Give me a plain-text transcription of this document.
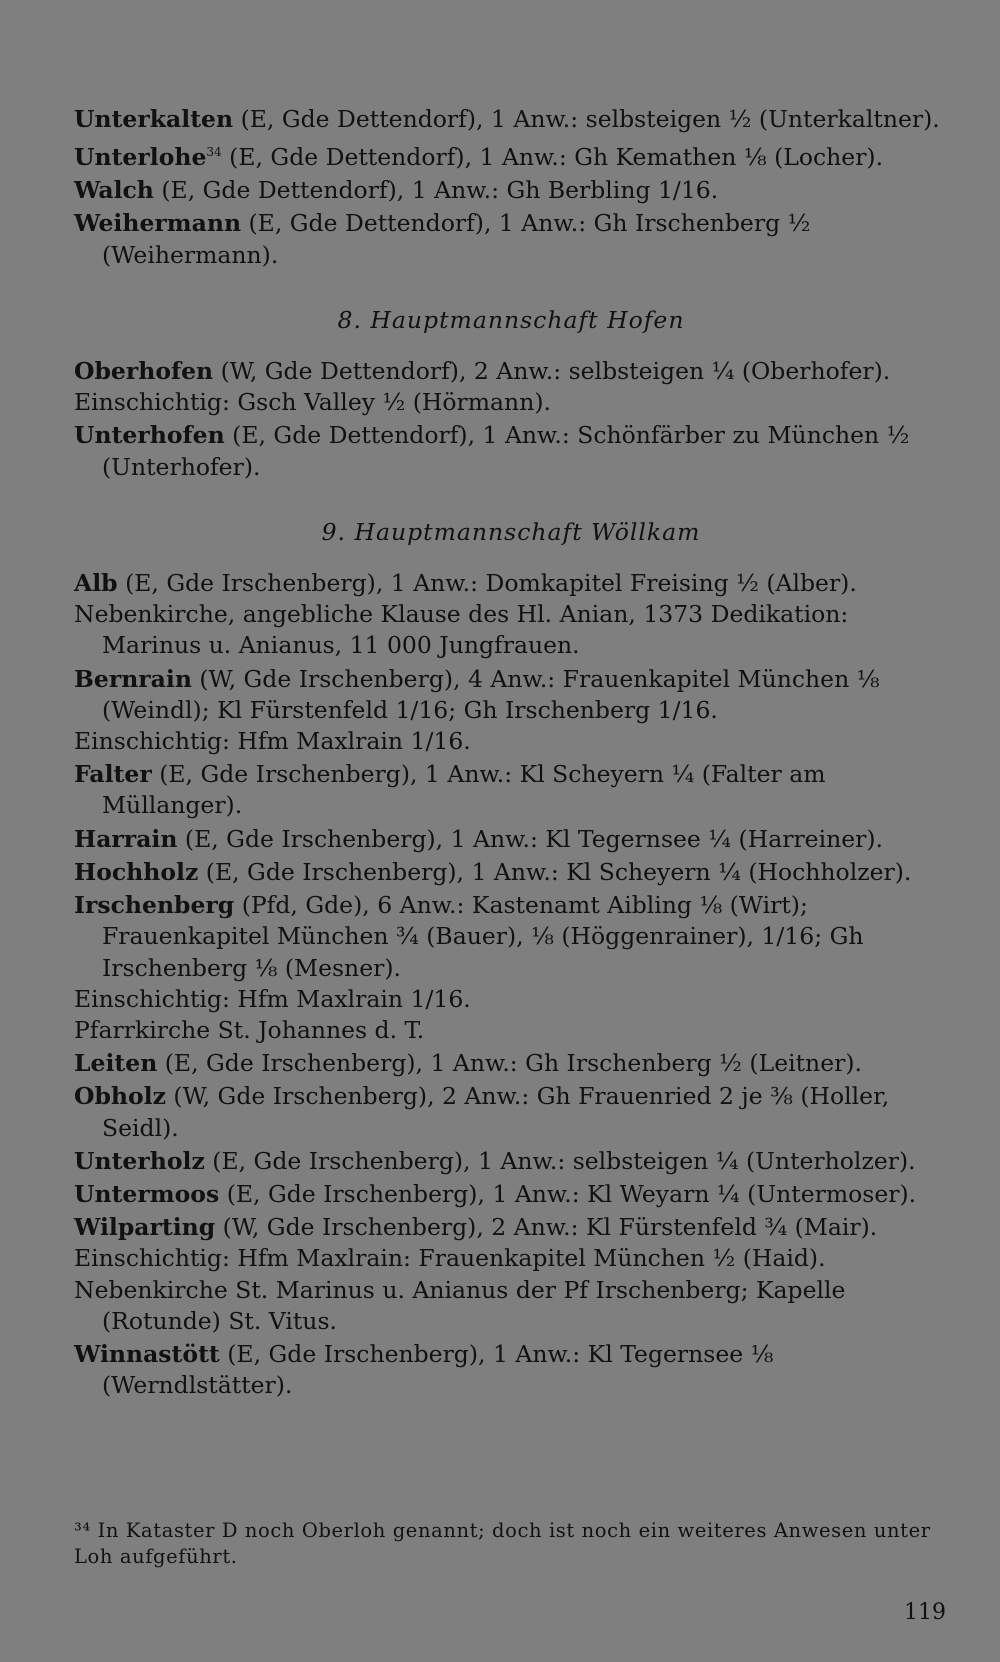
Unterkalten (E, Gde Dettendorf), 1 Anw.: selbsteigen ½ (Unterkaltner).
Unterlohe$^{34}$ (E, Gde Dettendorf), 1 Anw.: Gh Kemathen ⅛ (Locher).
Walch (E, Gde Dettendorf), 1 Anw.: Gh Berbling 1/16.
Weihermann (E, Gde Dettendorf), 1 Anw.: Gh Irschenberg ½ (Weihermann).
8. Hauptmannschaft Hofen
Oberhofen (W, Gde Dettendorf), 2 Anw.: selbsteigen ¼ (Oberhofer).
Einschichtig: Gsch Valley ½ (Hörmann).
Unterhofen (E, Gde Dettendorf), 1 Anw.: Schönfärber zu München ½ (Unterhofer).
9. Hauptmannschaft Wöllkam
Alb (E, Gde Irschenberg), 1 Anw.: Domkapitel Freising ½ (Alber).
Nebenkirche, angebliche Klause des Hl. Anian, 1373 Dedikation: Marinus u. Anianus, 11 000 Jungfrauen.
Bernrain (W, Gde Irschenberg), 4 Anw.: Frauenkapitel München ⅛ (Weindl); Kl Fürstenfeld 1/16; Gh Irschenberg 1/16.
Einschichtig: Hfm Maxlrain 1/16.
Falter (E, Gde Irschenberg), 1 Anw.: Kl Scheyern ¼ (Falter am Müllanger).
Harrain (E, Gde Irschenberg), 1 Anw.: Kl Tegernsee ¼ (Harreiner).
Hochholz (E, Gde Irschenberg), 1 Anw.: Kl Scheyern ¼ (Hochholzer).
Irschenberg (Pfd, Gde), 6 Anw.: Kastenamt Aibling ⅛ (Wirt); Frauenkapitel München ¾ (Bauer), ⅛ (Höggenrainer), 1/16; Gh Irschenberg ⅛ (Mesner).
Einschichtig: Hfm Maxlrain 1/16.
Pfarrkirche St. Johannes d. T.
Leiten (E, Gde Irschenberg), 1 Anw.: Gh Irschenberg ½ (Leitner).
Obholz (W, Gde Irschenberg), 2 Anw.: Gh Frauenried 2 je ⅜ (Holler, Seidl).
Unterholz (E, Gde Irschenberg), 1 Anw.: selbsteigen ¼ (Unterholzer).
Untermoos (E, Gde Irschenberg), 1 Anw.: Kl Weyarn ¼ (Untermoser).
Wilparting (W, Gde Irschenberg), 2 Anw.: Kl Fürstenfeld ¾ (Mair).
Einschichtig: Hfm Maxlrain: Frauenkapitel München ½ (Haid).
Nebenkirche St. Marinus u. Anianus der Pf Irschenberg; Kapelle (Rotunde) St. Vitus.
Winnastött (E, Gde Irschenberg), 1 Anw.: Kl Tegernsee ⅛ (Werndlstätter).
³⁴ In Kataster D noch Oberloh genannt; doch ist noch ein weiteres Anwesen unter Loh aufgeführt.
119
